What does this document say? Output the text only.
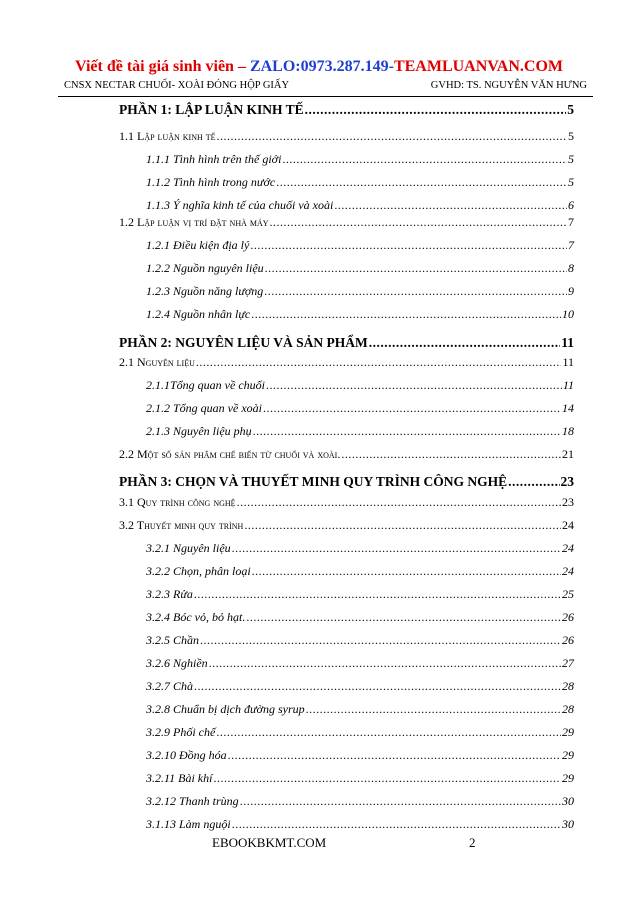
Viết đề tài giá sinh viên – ZALO:0973.287.149-TEAMLUANVAN.COM
CNSX NECTAR CHUỐI- XOÀI ĐÓNG HỘP GIẤY	GVHD: TS. NGUYỄN VĂN HƯNG
PHẦN 1: LẬP LUẬN KINH TẾ .....	5
1.1 Lập luận kinh tế .....	5
1.1.1 Tình hình trên thế giới .....	5
1.1.2 Tình hình trong nước .....	5
1.1.3 Ý nghĩa kinh tế của chuối và xoài .....	6
1.2 Lập luận vị trí đặt nhà máy .....	7
1.2.1 Điều kiện địa lý .....	7
1.2.2 Nguồn nguyên liệu .....	8
1.2.3 Nguồn năng lượng .....	9
1.2.4 Nguồn nhân lực .....	10
PHẦN 2: NGUYÊN LIỆU VÀ SẢN PHẨM .....	11
2.1 Nguyên liệu .....	11
2.1.1Tổng quan về chuối .....	11
2.1.2 Tổng quan về xoài .....	14
2.1.3 Nguyên liệu phụ .....	18
2.2 Một số sản phẩm chế biến từ chuối và xoài. .....	21
PHẦN 3: CHỌN VÀ THUYẾT MINH QUY TRÌNH CÔNG NGHỆ .....	23
3.1 Quy trình công nghệ .....	23
3.2 Thuyết minh quy trình .....	24
3.2.1 Nguyên liệu .....	24
3.2.2 Chọn, phân loại .....	24
3.2.3 Rửa .....	25
3.2.4 Bóc vỏ, bỏ hạt. .....	26
3.2.5 Chần .....	26
3.2.6 Nghiền .....	27
3.2.7 Chà .....	28
3.2.8 Chuẩn bị dịch đường syrup .....	28
3.2.9 Phối chế .....	29
3.2.10 Đồng hóa .....	29
3.2.11 Bài khí .....	29
3.2.12 Thanh trùng .....	30
3.1.13 Làm nguội .....	30
EBOOKBKMT.COM	2
